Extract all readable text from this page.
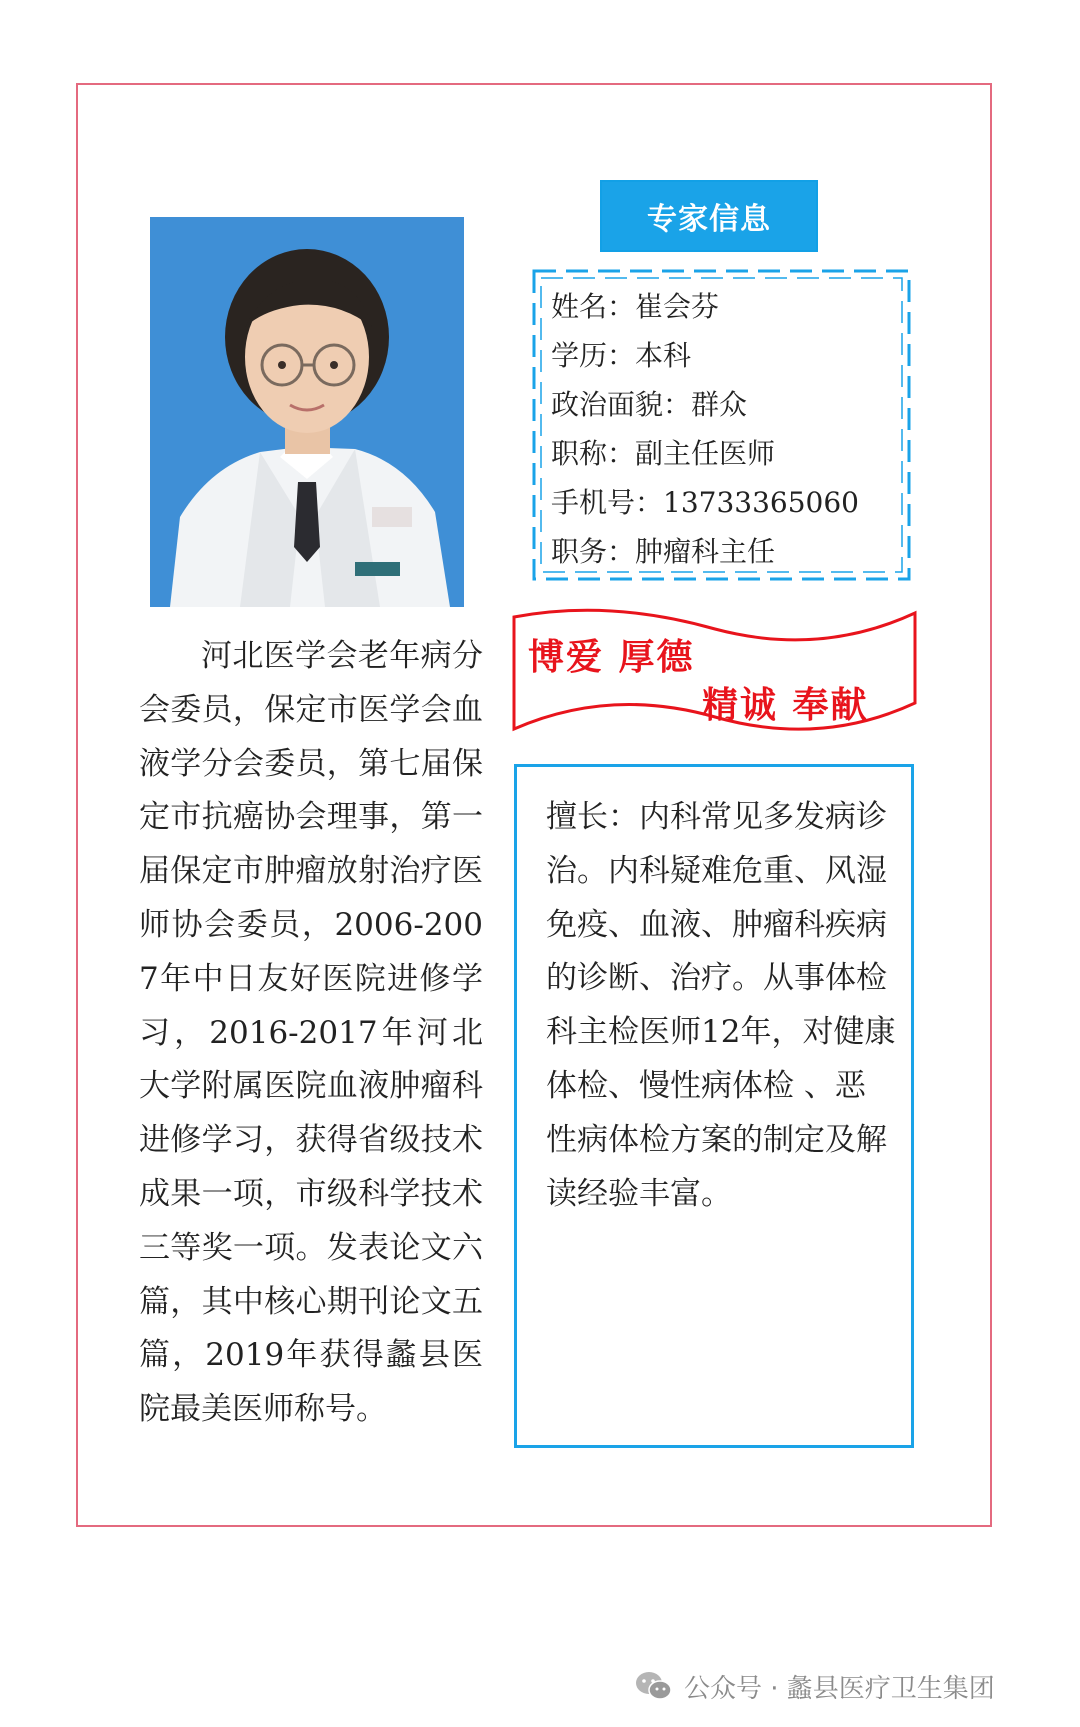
专家信息
姓名：崔会芬
学历：本科
政治面貌：群众
职称：副主任医师
手机号：13733365060
职务：肿瘤科主任
博爱 厚德
精诚 奉献
河北医学会老年病分会委员，保定市医学会血液学分会委员，第七届保定市抗癌协会理事，第一届保定市肿瘤放射治疗医师协会委员，2006-2007年中日友好医院进修学习，2016-2017年河北大学附属医院血液肿瘤科进修学习，获得省级技术成果一项，市级科学技术三等奖一项。发表论文六篇，其中核心期刊论文五篇，2019年获得蠡县医院最美医师称号。
擅长：内科常见多发病诊治。内科疑难危重、风湿免疫、血液、肿瘤科疾病的诊断、治疗。从事体检科主检医师12年，对健康体检、慢性病体检 、恶性病体检方案的制定及解读经验丰富。
公众号 · 蠡县医疗卫生集团
